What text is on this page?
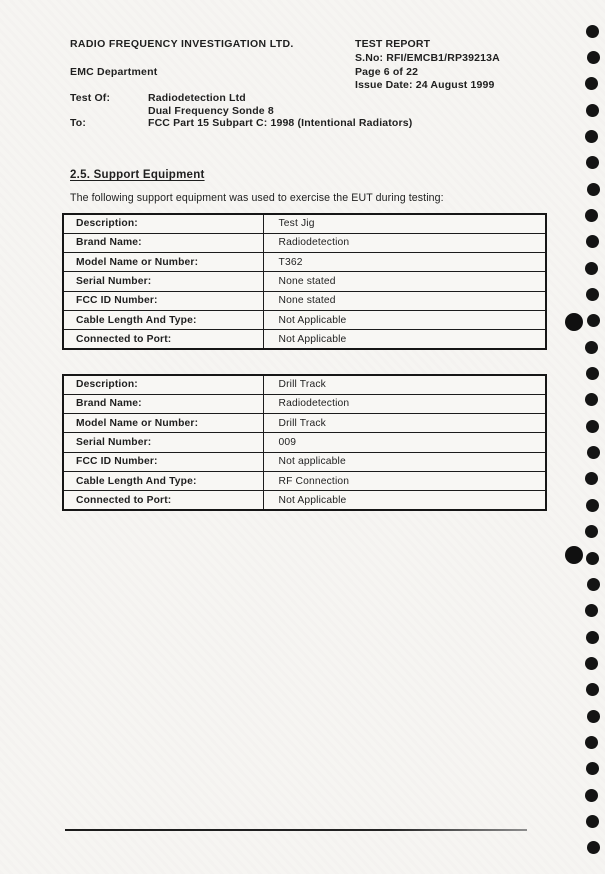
RADIO FREQUENCY INVESTIGATION LTD.
EMC Department
TEST REPORT
S.No: RFI/EMCB1/RP39213A
Page 6 of 22
Issue Date: 24 August 1999
Test Of:	Radiodetection Ltd
Dual Frequency Sonde 8
To:	FCC Part 15 Subpart C: 1998 (Intentional Radiators)
2.5. Support Equipment
The following support equipment was used to exercise the EUT during testing:
Description:	Test Jig
Brand Name:	Radiodetection
Model Name or Number:	T362
Serial Number:	None stated
FCC ID Number:	None stated
Cable Length And Type:	Not Applicable
Connected to Port:	Not Applicable
Description:	Drill Track
Brand Name:	Radiodetection
Model Name or Number:	Drill Track
Serial Number:	009
FCC ID Number:	Not applicable
Cable Length And Type:	RF Connection
Connected to Port:	Not Applicable
